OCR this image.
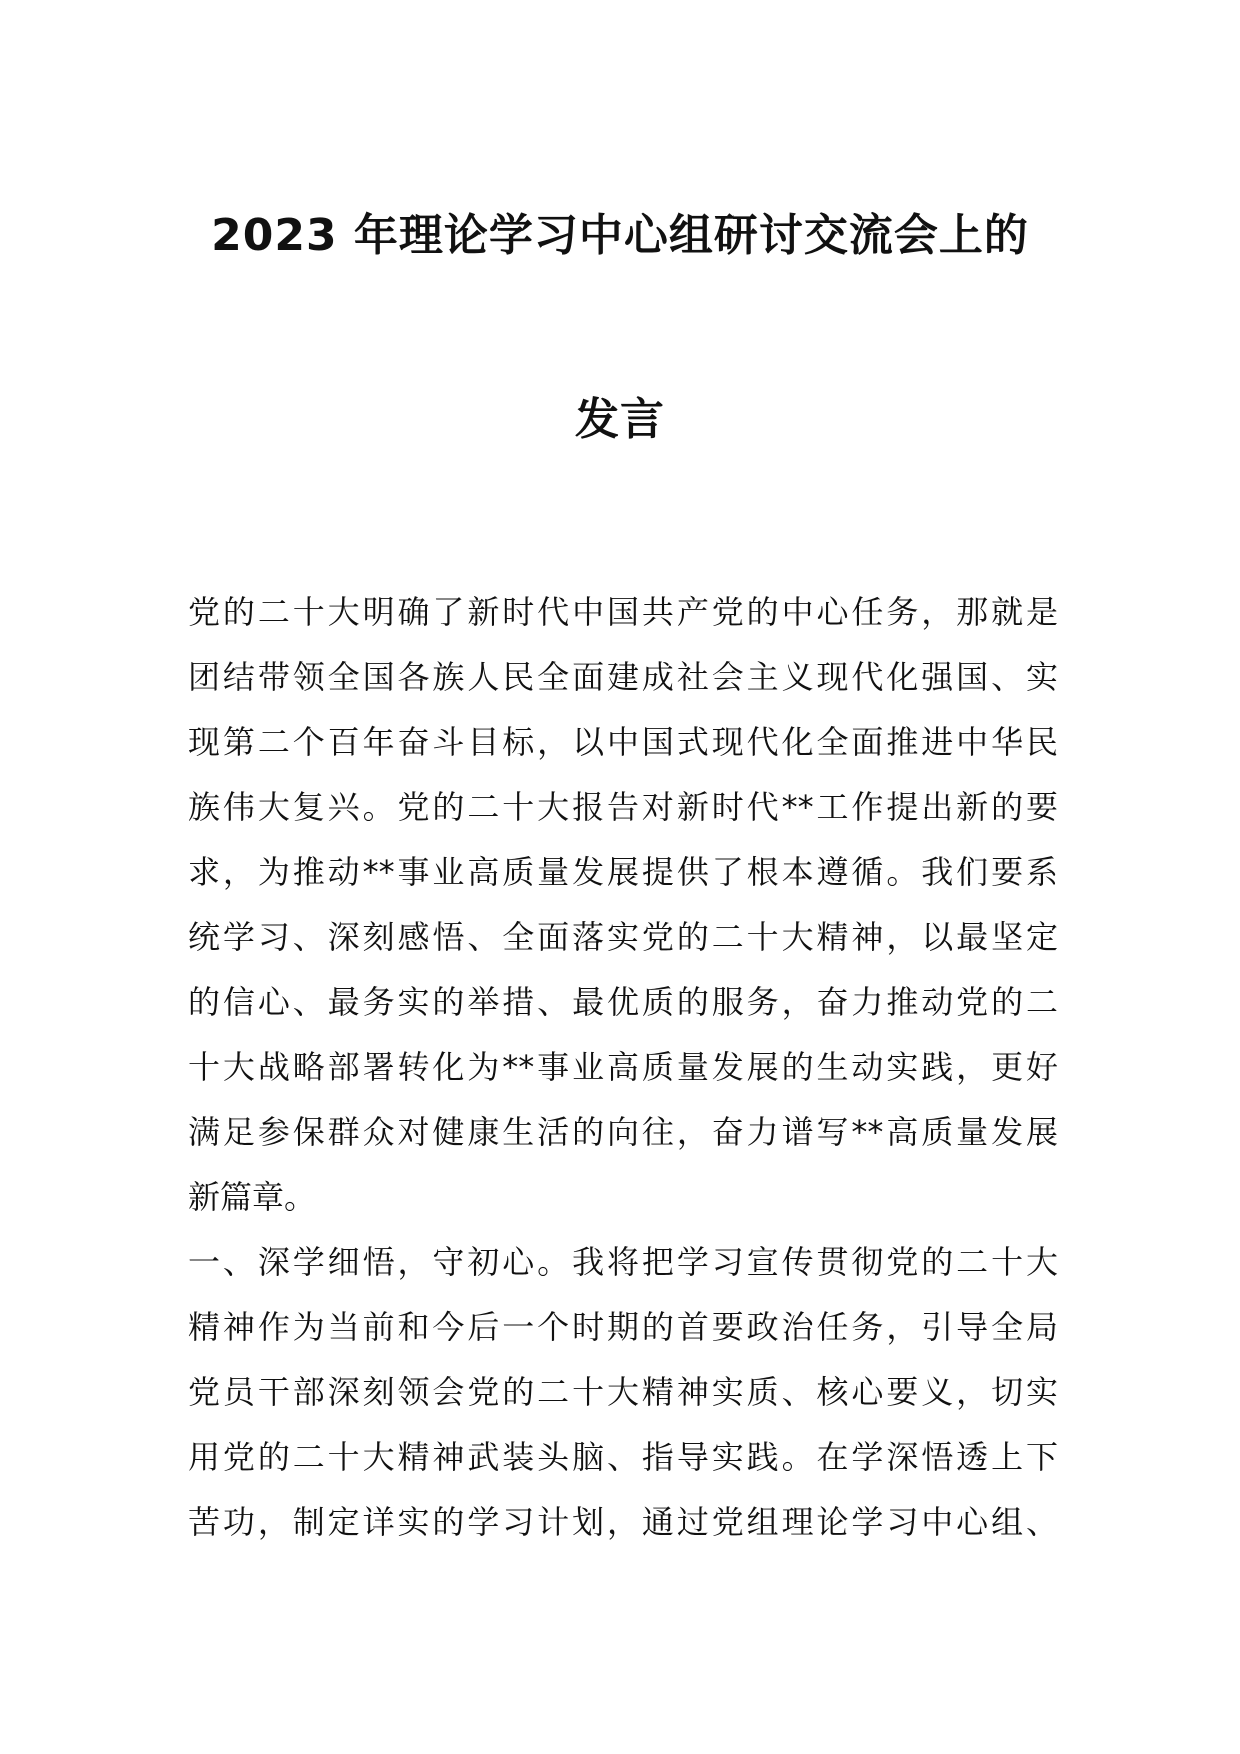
2023 年理论学习中心组研讨交流会上的
发言
党的二十大明确了新时代中国共产党的中心任务，那就是
团结带领全国各族人民全面建成社会主义现代化强国、实
现第二个百年奋斗目标，以中国式现代化全面推进中华民
族伟大复兴。党的二十大报告对新时代**工作提出新的要
求，为推动**事业高质量发展提供了根本遵循。我们要系
统学习、深刻感悟、全面落实党的二十大精神，以最坚定
的信心、最务实的举措、最优质的服务，奋力推动党的二
十大战略部署转化为**事业高质量发展的生动实践，更好
满足参保群众对健康生活的向往，奋力谱写**高质量发展
新篇章。
一、深学细悟，守初心。我将把学习宣传贯彻党的二十大
精神作为当前和今后一个时期的首要政治任务，引导全局
党员干部深刻领会党的二十大精神实质、核心要义，切实
用党的二十大精神武装头脑、指导实践。在学深悟透上下
苦功，制定详实的学习计划，通过党组理论学习中心组、
